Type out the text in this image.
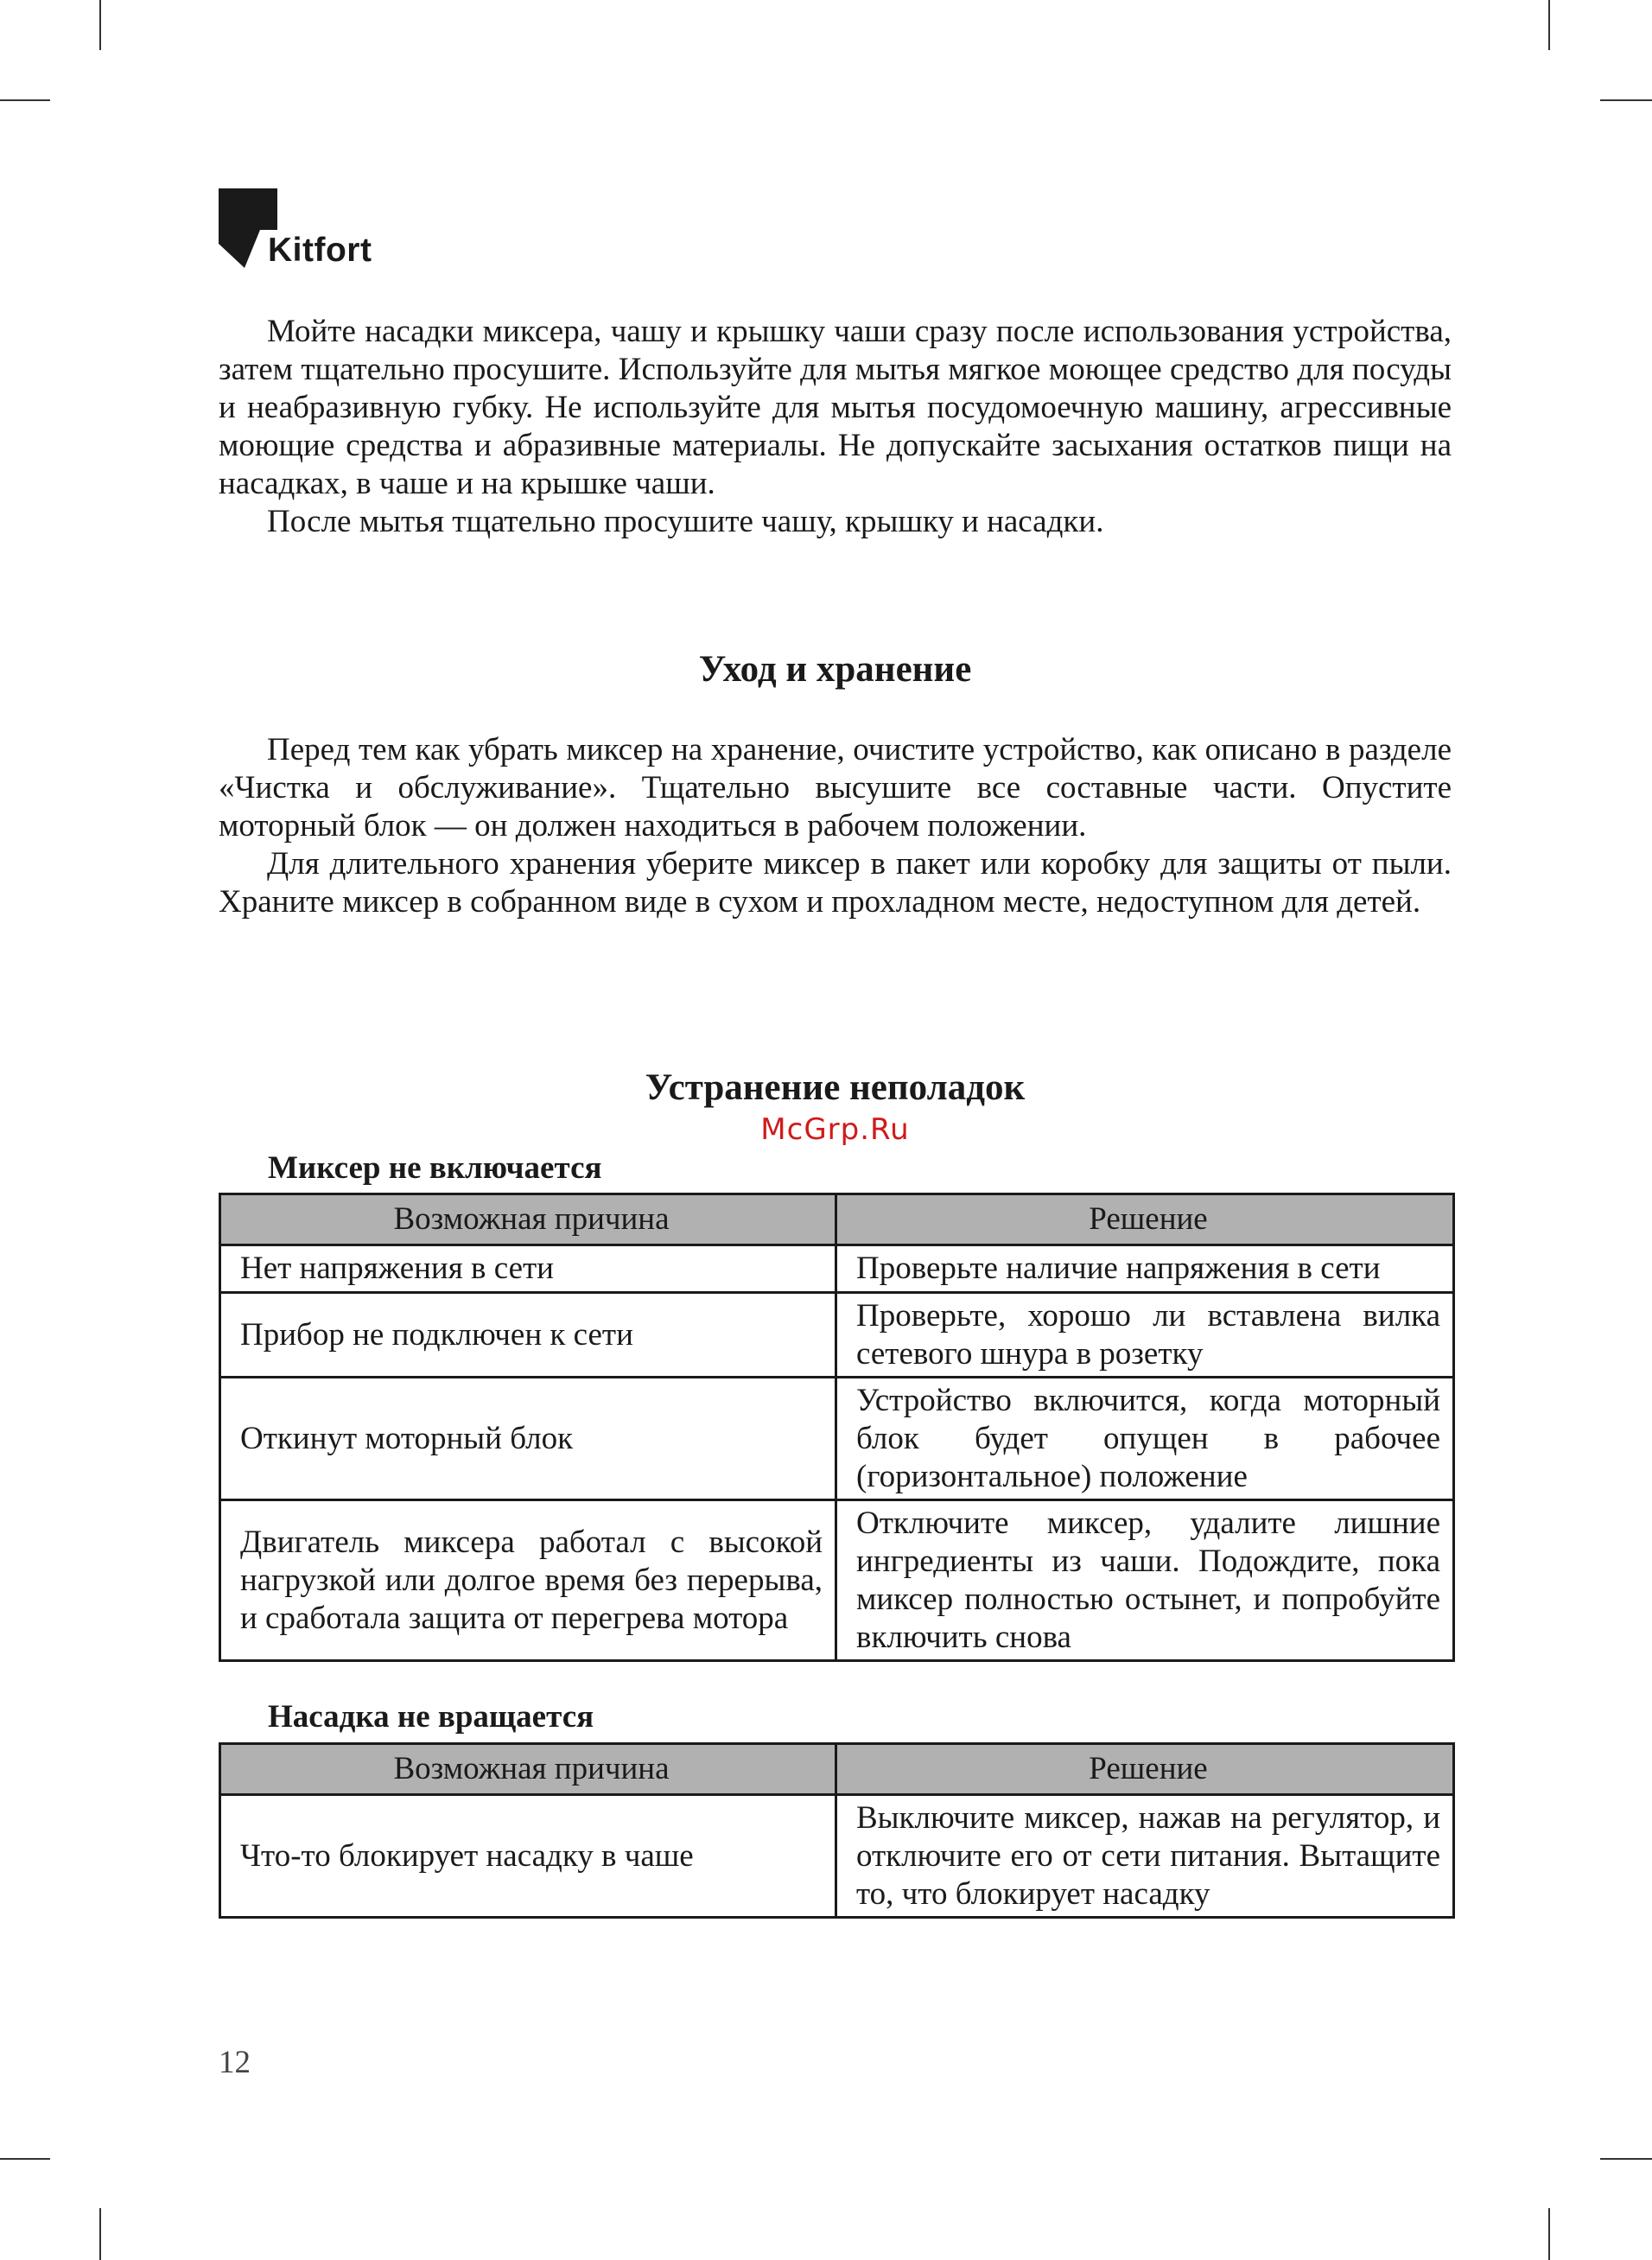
Kitfort

Мойте насадки миксера, чашу и крышку чаши сразу после использования устройства, затем тщательно просушите. Используйте для мытья мягкое моющее средство для посуды и неабразивную губку. Не используйте для мытья посудомоечную машину, агрессивные моющие средства и абразивные материалы. Не допускайте засыхания остатков пищи на насадках, в чаше и на крышке чаши.

После мытья тщательно просушите чашу, крышку и насадки.

Уход и хранение

Перед тем как убрать миксер на хранение, очистите устройство, как описано в разделе «Чистка и обслуживание». Тщательно высушите все составные части. Опустите моторный блок — он должен находиться в рабочем положении.

Для длительного хранения уберите миксер в пакет или коробку для защиты от пыли. Храните миксер в собранном виде в сухом и прохладном месте, недоступном для детей.

Устранение неполадок
McGrp.Ru
Миксер не включается
Возможная причина	Решение
Нет напряжения в сети	Проверьте наличие напряжения в сети
Прибор не подключен к сети	Проверьте, хорошо ли вставлена вилка сетевого шнура в розетку
Откинут моторный блок	Устройство включится, когда моторный блок будет опущен в рабочее (горизонтальное) положение
Двигатель миксера работал с высокой нагрузкой или долгое время без перерыва, и сработала защита от перегрева мотора	Отключите миксер, удалите лишние ингредиенты из чаши. Подождите, пока миксер полностью остынет, и попробуйте включить снова
Насадка не вращается
Возможная причина	Решение
Что-то блокирует насадку в чаше	Выключите миксер, нажав на регулятор, и отключите его от сети питания. Вытащите то, что блокирует насадку
12
